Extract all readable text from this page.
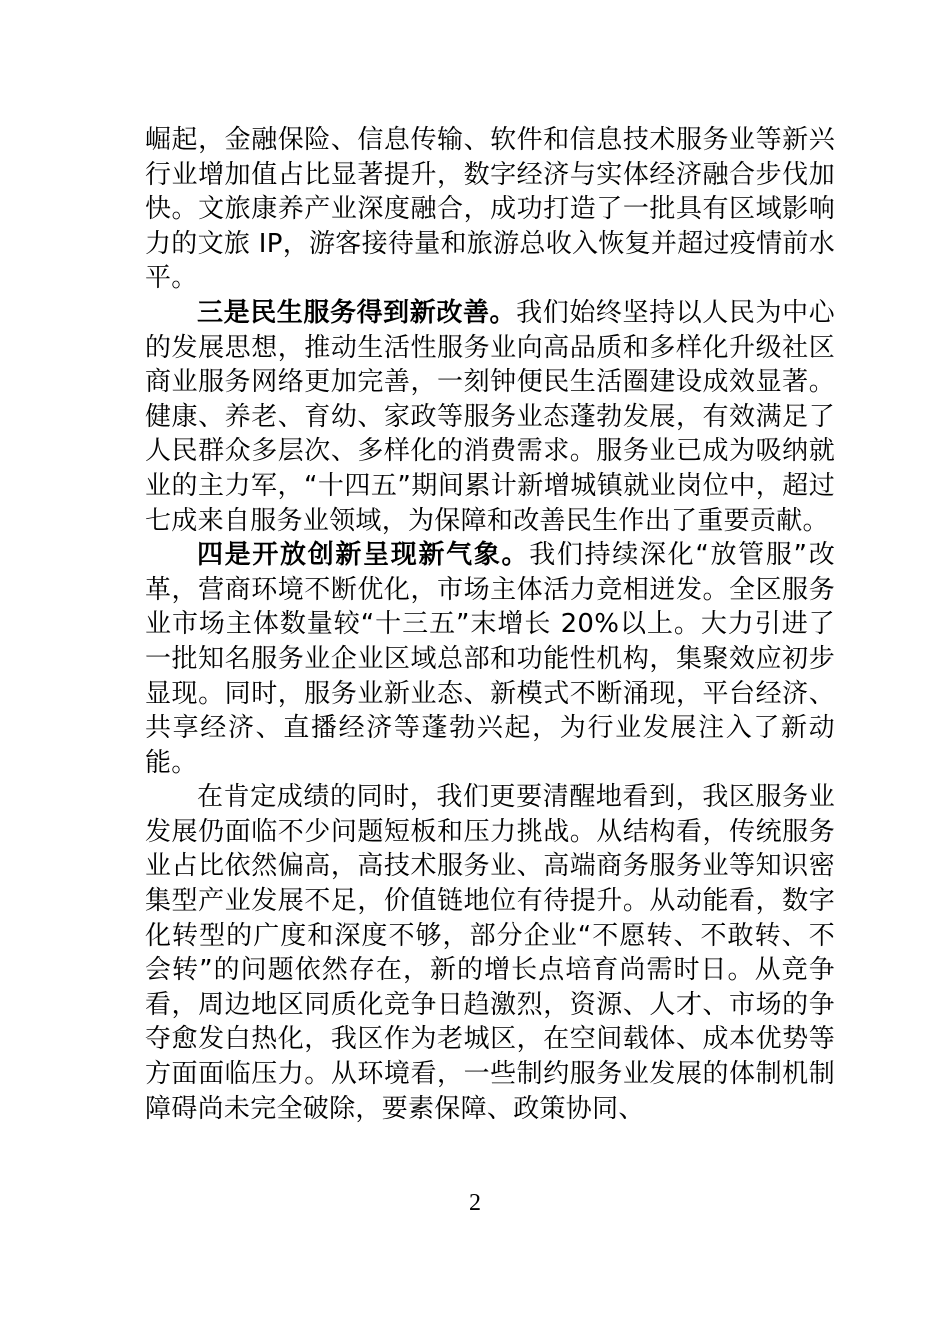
崛起，金融保险、信息传输、软件和信息技术服务业等新兴行业增加值占比显著提升，数字经济与实体经济融合步伐加快。文旅康养产业深度融合，成功打造了一批具有区域影响力的文旅 IP，游客接待量和旅游总收入恢复并超过疫情前水平。

三是民生服务得到新改善。我们始终坚持以人民为中心的发展思想，推动生活性服务业向高品质和多样化升级社区商业服务网络更加完善，一刻钟便民生活圈建设成效显著。健康、养老、育幼、家政等服务业态蓬勃发展，有效满足了人民群众多层次、多样化的消费需求。服务业已成为吸纳就业的主力军，“十四五”期间累计新增城镇就业岗位中，超过七成来自服务业领域，为保障和改善民生作出了重要贡献。

四是开放创新呈现新气象。我们持续深化“放管服”改革，营商环境不断优化，市场主体活力竞相迸发。全区服务业市场主体数量较“十三五”末增长 20%以上。大力引进了一批知名服务业企业区域总部和功能性机构，集聚效应初步显现。同时，服务业新业态、新模式不断涌现，平台经济、共享经济、直播经济等蓬勃兴起，为行业发展注入了新动能。

在肯定成绩的同时，我们更要清醒地看到，我区服务业发展仍面临不少问题短板和压力挑战。从结构看，传统服务业占比依然偏高，高技术服务业、高端商务服务业等知识密集型产业发展不足，价值链地位有待提升。从动能看，数字化转型的广度和深度不够，部分企业“不愿转、不敢转、不会转”的问题依然存在，新的增长点培育尚需时日。从竞争看，周边地区同质化竞争日趋激烈，资源、人才、市场的争夺愈发白热化，我区作为老城区，在空间载体、成本优势等方面面临压力。从环境看，一些制约服务业发展的体制机制障碍尚未完全破除，要素保障、政策协同、

2
